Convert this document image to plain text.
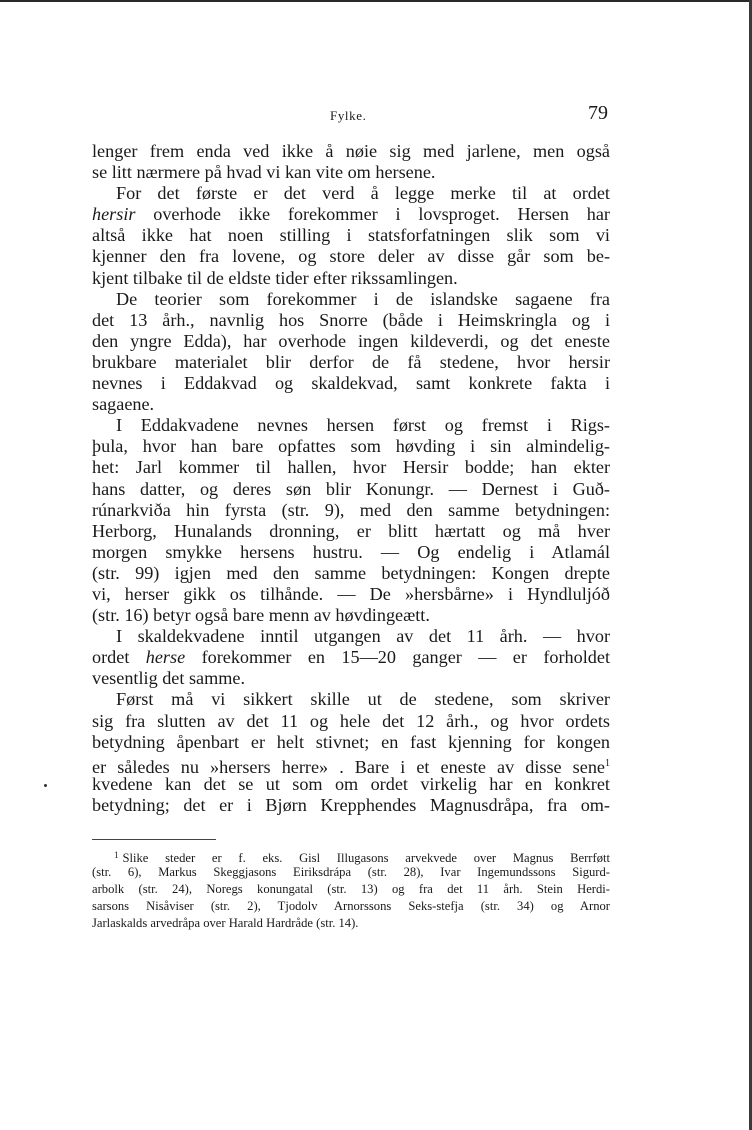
Fylke.	79
lenger frem enda ved ikke å nøie sig med jarlene, men også
se litt nærmere på hvad vi kan vite om hersene.
For det første er det verd å legge merke til at ordet
hersir overhode ikke forekommer i lovsproget. Hersen har
altså ikke hat noen stilling i statsforfatningen slik som vi
kjenner den fra lovene, og store deler av disse går som be-
kjent tilbake til de eldste tider efter rikssamlingen.
De teorier som forekommer i de islandske sagaene fra
det 13 årh., navnlig hos Snorre (både i Heimskringla og i
den yngre Edda), har overhode ingen kildeverdi, og det eneste
brukbare materialet blir derfor de få stedene, hvor hersir
nevnes i Eddakvad og skaldekvad, samt konkrete fakta i
sagaene.
I Eddakvadene nevnes hersen først og fremst i Rigs-
þula, hvor han bare opfattes som høvding i sin almindelig-
het: Jarl kommer til hallen, hvor Hersir bodde; han ekter
hans datter, og deres søn blir Konungr. — Dernest i Guð-
rúnarkviða hin fyrsta (str. 9), med den samme betydningen:
Herborg, Hunalands dronning, er blitt hærtatt og må hver
morgen smykke hersens hustru. — Og endelig i Atlamál
(str. 99) igjen med den samme betydningen: Kongen drepte
vi, herser gikk os tilhånde. — De »hersbårne» i Hyndluljóð
(str. 16) betyr også bare menn av høvdingeætt.
I skaldekvadene inntil utgangen av det 11 årh. — hvor
ordet herse forekommer en 15—20 ganger — er forholdet
vesentlig det samme.
Først må vi sikkert skille ut de stedene, som skriver
sig fra slutten av det 11 og hele det 12 årh., og hvor ordets
betydning åpenbart er helt stivnet; en fast kjenning for kongen
er således nu »hersers herre» . Bare i et eneste av disse sene$^1$
kvedene kan det se ut som om ordet virkelig har en konkret
betydning; det er i Bjørn Krepphendes Magnusdråpa, fra om-
$^1$ Slike steder er f. eks. Gisl Illugasons arvekvede over Magnus Berrføtt
(str. 6), Markus Skeggjasons Eiriksdrápa (str. 28), Ivar Ingemundssons Sigurd-
arbolk (str. 24), Noregs konungatal (str. 13) og fra det 11 årh. Stein Herdi-
sarsons Nisåviser (str. 2), Tjodolv Arnorssons Seks-stefja (str. 34) og Arnor
Jarlaskalds arvedråpa over Harald Hardråde (str. 14).
